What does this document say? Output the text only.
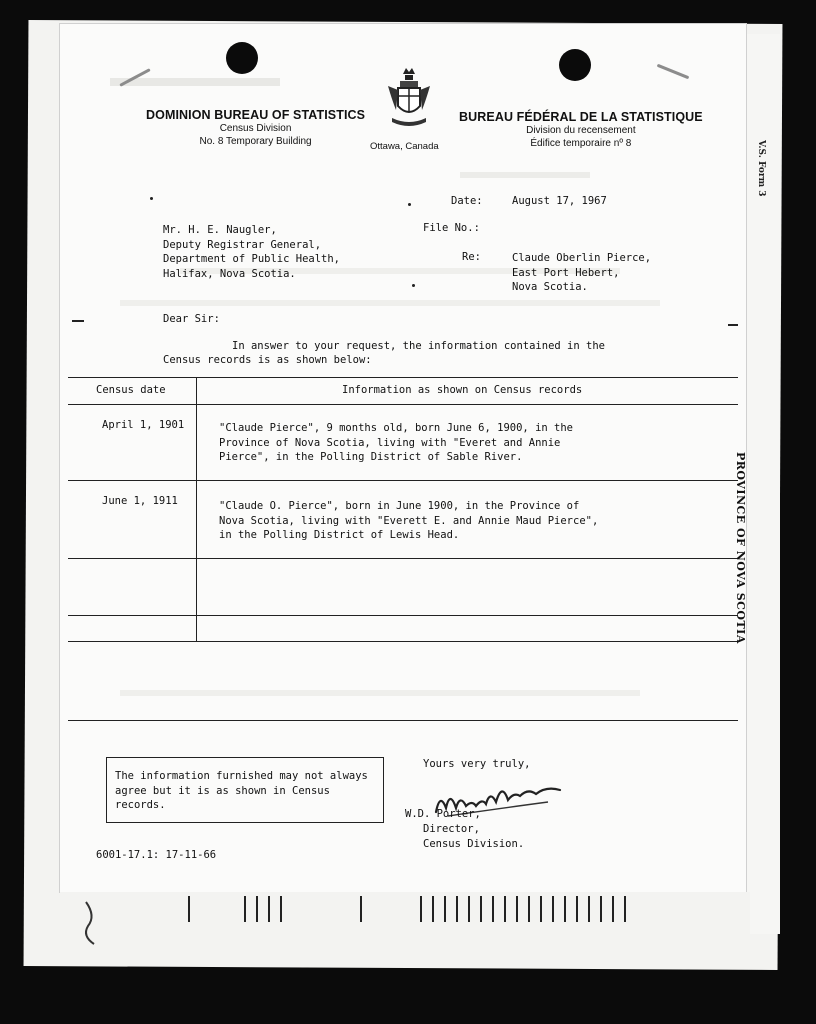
V.S. Form 3
DOMINION BUREAU OF STATISTICS
Census Division
No. 8 Temporary Building
BUREAU FÉDÉRAL DE LA STATISTIQUE
Division du recensement
Édifice temporaire nº 8
Ottawa, Canada
Date:	August 17, 1967
File No.:
Re:	Claude Oberlin Pierce,
East Port Hebert,
Nova Scotia.
Mr. H. E. Naugler,
Deputy Registrar General,
Department of Public Health,
Halifax, Nova Scotia.
Dear Sir:
In answer to your request, the information contained in the
Census records is as shown below:
Census date	Information as shown on Census records
April 1, 1901	"Claude Pierce", 9 months old, born June 6, 1900, in the
Province of Nova Scotia, living with "Everet and Annie
Pierce", in the Polling District of Sable River.
June 1, 1911	"Claude O. Pierce", born in June 1900, in the Province of
Nova Scotia, living with "Everett E. and Annie Maud Pierce",
in the Polling District of Lewis Head.
The information furnished may not always
agree but it is as shown in Census
records.
Yours very truly,
W.D. Porter,
Director,
Census Division.
6001-17.1: 17-11-66
PROVINCE OF NOVA SCOTIA
